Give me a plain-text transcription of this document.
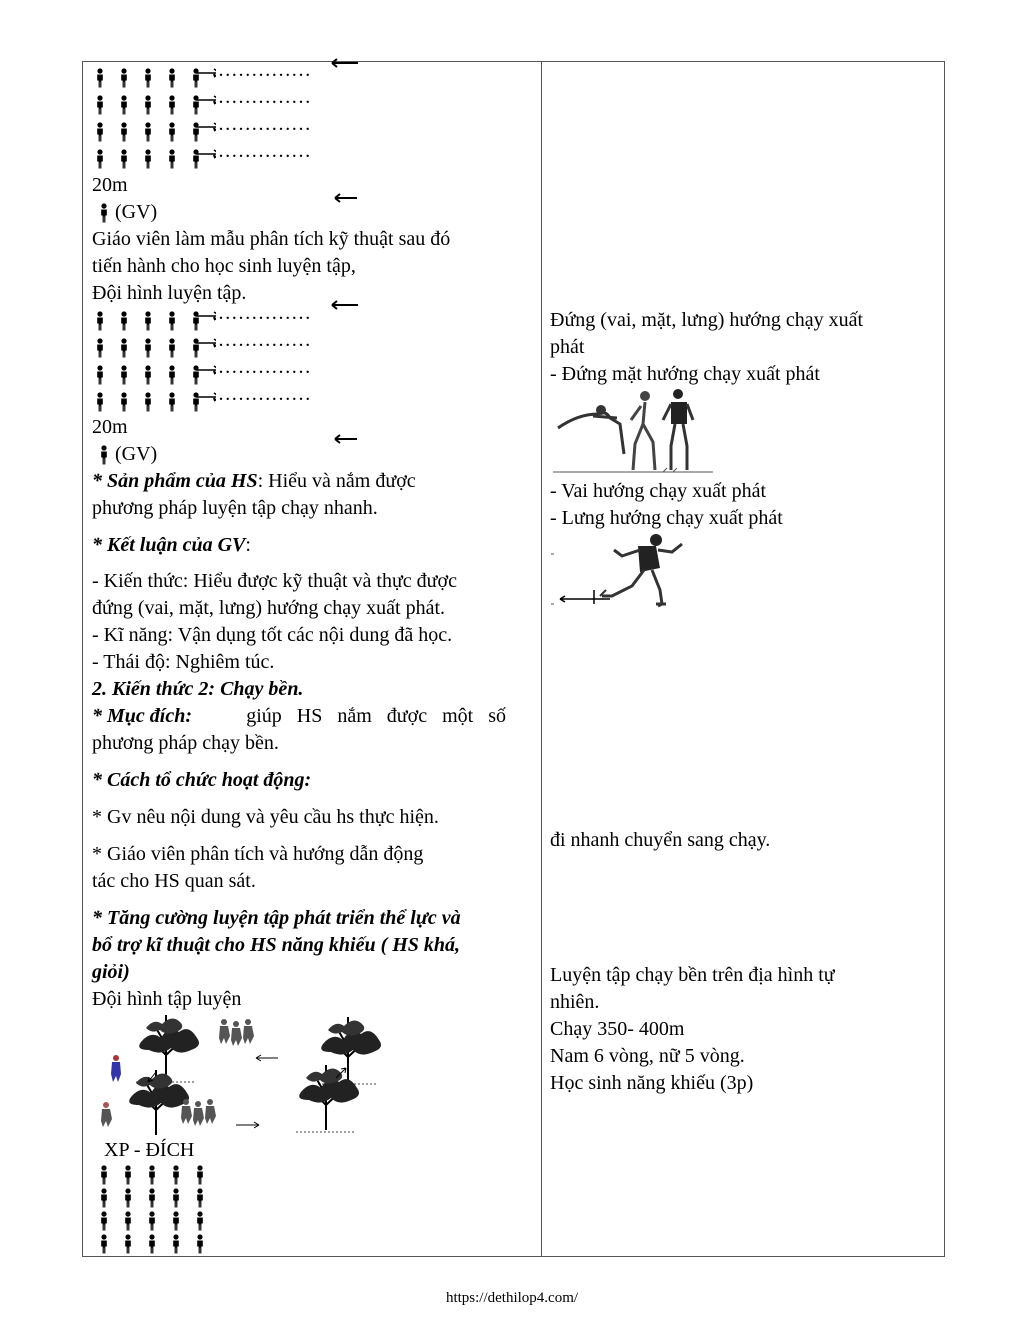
……………
……………
……………
……………
20m
(GV)
Giáo viên làm mẫu phân tích kỹ thuật sau đó
tiến hành cho học sinh luyện tập,
Đội hình luyện tập.
……………
……………
……………
……………
20m
(GV)
* Sản phẩm của HS: Hiểu và nắm được
phương pháp luyện tập chạy nhanh.
* Kết luận của GV:
- Kiến thức: Hiểu được kỹ thuật và thực được
đứng (vai, mặt, lưng) hướng chạy xuất phát.
- Kĩ năng: Vận dụng tốt các nội dung đã học.
- Thái độ: Nghiêm túc.
2. Kiến thức 2: Chạy bền.
* Mục đích:	giúp HS nắm được một số
phương pháp chạy bền.
* Cách tổ chức hoạt động:
* Gv nêu nội dung và yêu cầu hs thực hiện.
* Giáo viên phân tích và hướng dẫn động
tác cho HS quan sát.
* Tăng cường luyện tập phát triển thể lực và
bổ trợ kĩ thuật cho HS năng khiếu ( HS khá,
giỏi)
Đội hình tập luyện
XP - ĐÍCH
Đứng (vai, mặt, lưng) hướng chạy xuất
phát
- Đứng mặt hướng chạy xuất phát
- Vai hướng chạy xuất phát
- Lưng hướng chạy xuất phát
đi nhanh chuyển sang chạy.
Luyện tập chạy bền trên địa hình tự
nhiên.
Chạy 350- 400m
Nam 6 vòng, nữ 5 vòng.
Học sinh năng khiếu (3p)
https://dethilop4.com/
